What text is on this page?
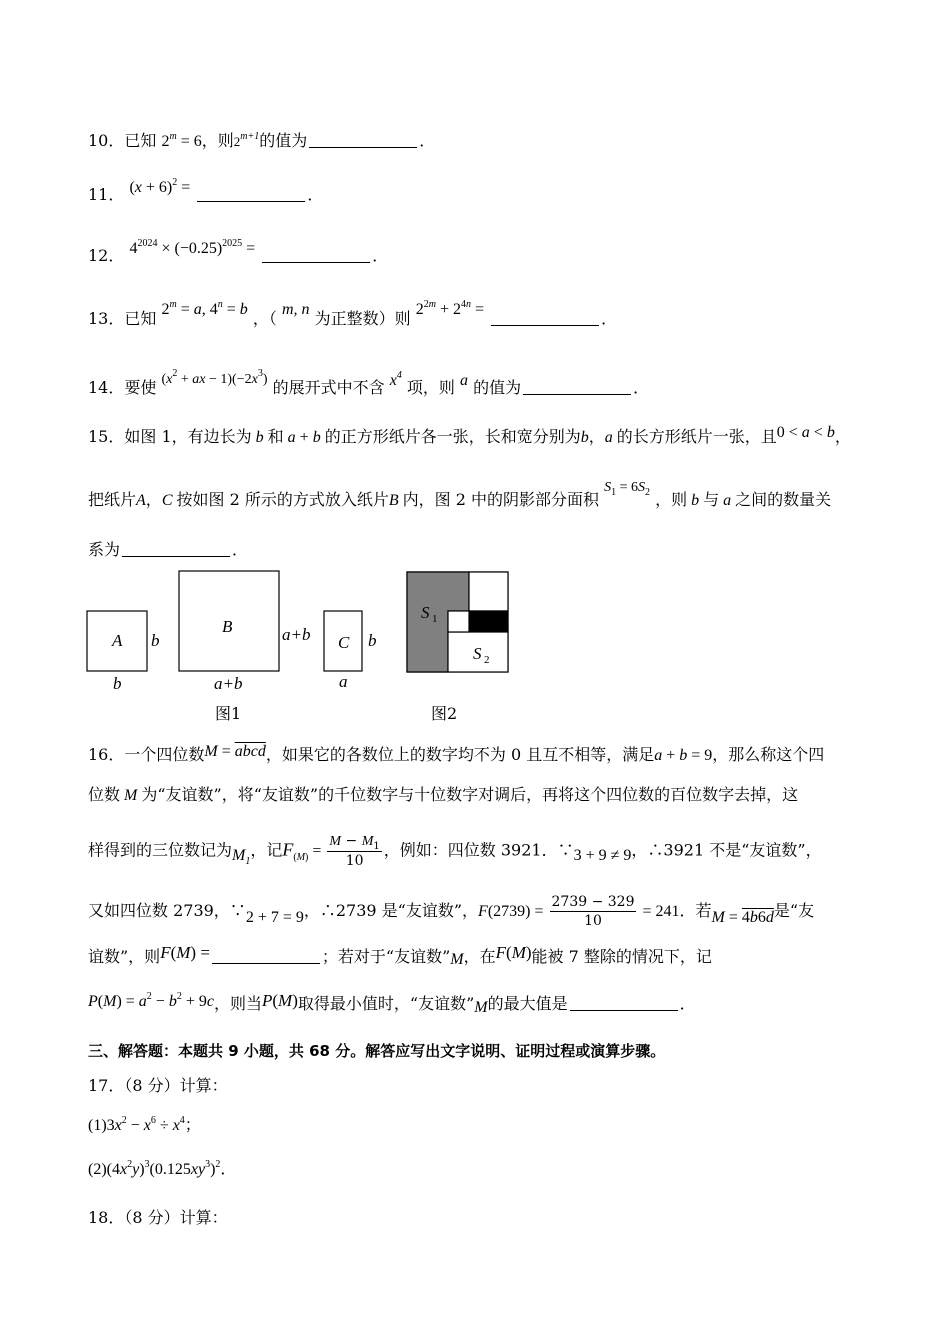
10．已知 $2^m = 6$，则$2^{m+1}$的值为	．
11． $(x + 6)^2$ =	．
12． $4^{2024} \times (-0.25)^{2025}$ =	．
13．已知 $2^m = a$, $4^n = b$ ，（ m, n 为正整数）则 $2^{2m} + 2^{4n}$ =	．
14．要使 ($x^2$ + ax − $1)(-2x^3)$ 的展开式中不含 $x^4$ 项，则 a 的值为	．
15．如图 1，有边长为 b 和 a + b 的正方形纸片各一张，长和宽分别为b，a 的长方形纸片一张，且0 < a < b，
把纸片A，C 按如图 2 所示的方式放入纸片B 内，图 2 中的阴影部分面积 $S_1 = 6S_2$ ，则 b 与 a 之间的数量关
系为	．
A b
b
B	a+b
a+b
C b
a
S 1
S 2
图1	图2
16．一个四位数M = abcd，如果它的各数位上的数字均不为 0 且互不相等，满足a + b = 9，那么称这个四
位数 M 为“友谊数”，将“友谊数”的千位数字与十位数字对调后，再将这个四位数的百位数字去掉，这
样得到的三位数记为$M_1$，记$F_{(M)} = \frac{M - M_1}{10}$ ，例如：四位数 3921．∵3 + 9 ≠ 9，∴3921 不是“友谊数”，
又如四位数 2739，∵2 + 7 = 9，∴2739 是“友谊数”，$F(2739) = \frac{2739 - 329}{10} = 241$．若M = 4b6d是“友
谊数”，则F(M) =	；若对于“友谊数”M，在F(M)能被 7 整除的情况下，记
$P(M) = a^2 - b^2 + 9c$，则当P(M)取得最小值时，“友谊数”M的最大值是	．
三、解答题：本题共 9 小题，共 68 分。解答应写出文字说明、证明过程或演算步骤。
17．（8 分）计算：
$(1)3x^2 - x^6 \div x^4$；
$(2)(4x^2y)^3(0.125xy^3)^2$．
18．（8 分）计算：
